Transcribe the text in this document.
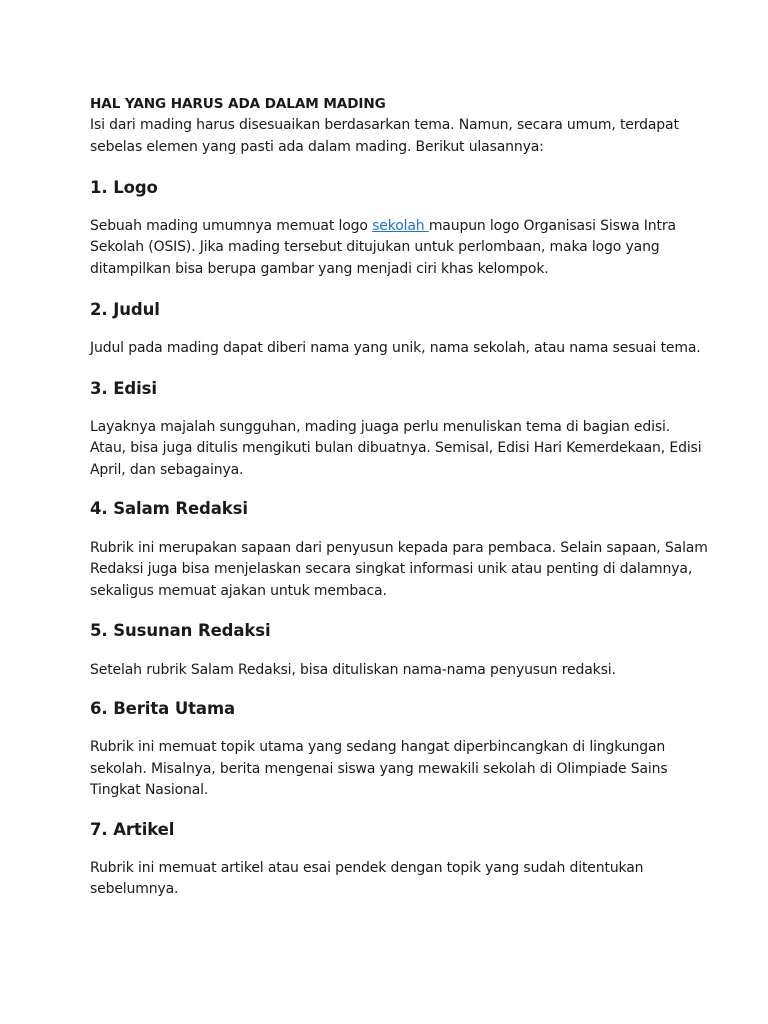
HAL YANG HARUS ADA DALAM MADING

Isi dari mading harus disesuaikan berdasarkan tema. Namun, secara umum, terdapat sebelas elemen yang pasti ada dalam mading. Berikut ulasannya:

1. Logo

Sebuah mading umumnya memuat logo sekolah maupun logo Organisasi Siswa Intra Sekolah (OSIS). Jika mading tersebut ditujukan untuk perlombaan, maka logo yang ditampilkan bisa berupa gambar yang menjadi ciri khas kelompok.

2. Judul

Judul pada mading dapat diberi nama yang unik, nama sekolah, atau nama sesuai tema.

3. Edisi

Layaknya majalah sungguhan, mading juaga perlu menuliskan tema di bagian edisi. Atau, bisa juga ditulis mengikuti bulan dibuatnya. Semisal, Edisi Hari Kemerdekaan, Edisi April, dan sebagainya.

4. Salam Redaksi

Rubrik ini merupakan sapaan dari penyusun kepada para pembaca. Selain sapaan, Salam Redaksi juga bisa menjelaskan secara singkat informasi unik atau penting di dalamnya, sekaligus memuat ajakan untuk membaca.

5. Susunan Redaksi

Setelah rubrik Salam Redaksi, bisa dituliskan nama-nama penyusun redaksi.

6. Berita Utama

Rubrik ini memuat topik utama yang sedang hangat diperbincangkan di lingkungan sekolah. Misalnya, berita mengenai siswa yang mewakili sekolah di Olimpiade Sains Tingkat Nasional.

7. Artikel

Rubrik ini memuat artikel atau esai pendek dengan topik yang sudah ditentukan sebelumnya.
